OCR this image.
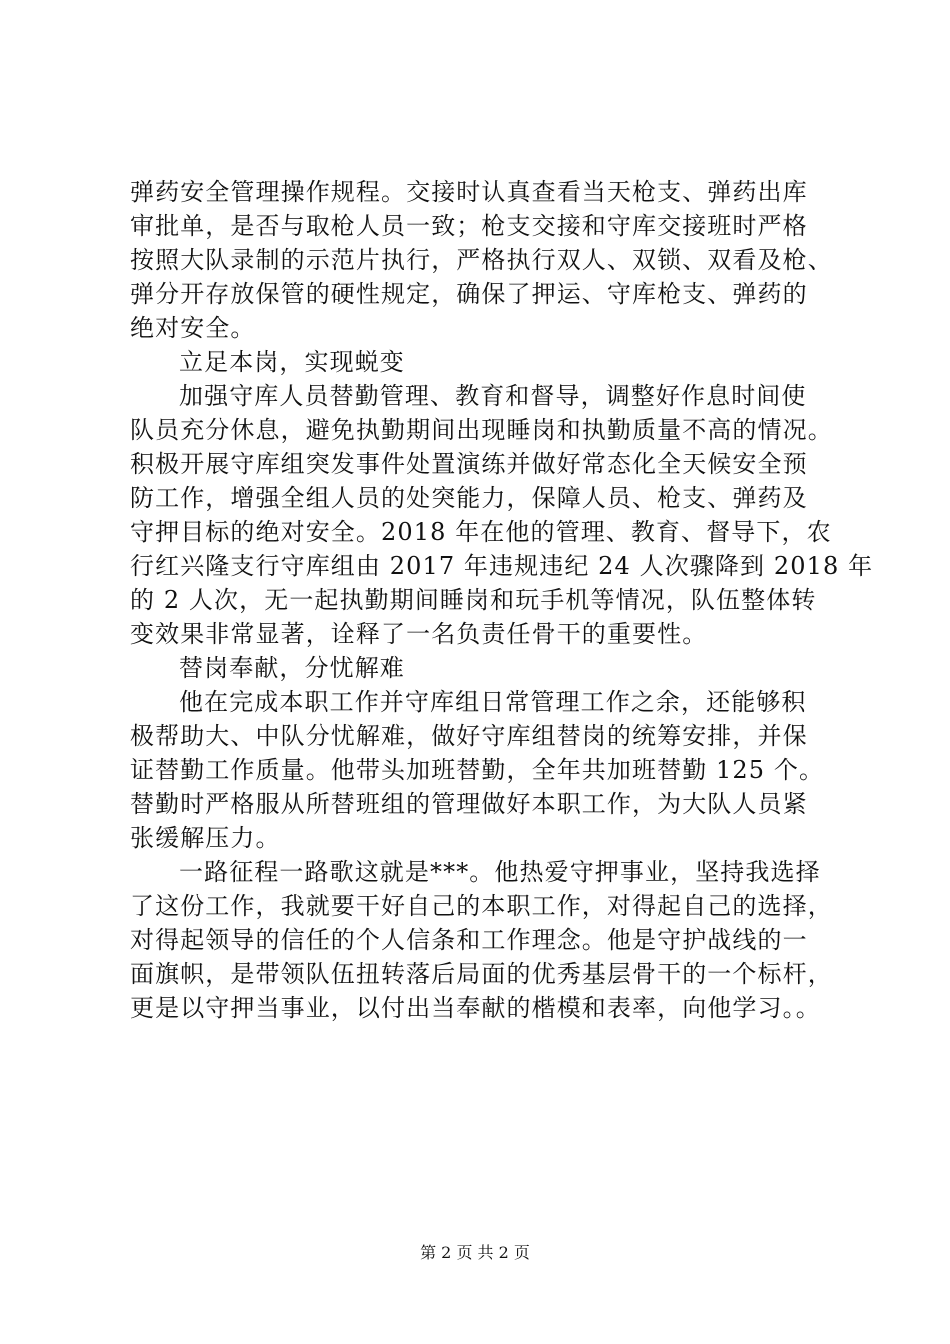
弹药安全管理操作规程。交接时认真查看当天枪支、弹药出库
审批单，是否与取枪人员一致；枪支交接和守库交接班时严格
按照大队录制的示范片执行，严格执行双人、双锁、双看及枪、
弹分开存放保管的硬性规定，确保了押运、守库枪支、弹药的
绝对安全。
立足本岗，实现蜕变
加强守库人员替勤管理、教育和督导，调整好作息时间使
队员充分休息，避免执勤期间出现睡岗和执勤质量不高的情况。
积极开展守库组突发事件处置演练并做好常态化全天候安全预
防工作，增强全组人员的处突能力，保障人员、枪支、弹药及
守押目标的绝对安全。2018 年在他的管理、教育、督导下，农
行红兴隆支行守库组由 2017 年违规违纪 24 人次骤降到 2018 年
的 2 人次，无一起执勤期间睡岗和玩手机等情况，队伍整体转
变效果非常显著，诠释了一名负责任骨干的重要性。
替岗奉献，分忧解难
他在完成本职工作并守库组日常管理工作之余，还能够积
极帮助大、中队分忧解难，做好守库组替岗的统筹安排，并保
证替勤工作质量。他带头加班替勤，全年共加班替勤 125 个。
替勤时严格服从所替班组的管理做好本职工作，为大队人员紧
张缓解压力。
一路征程一路歌这就是***。他热爱守押事业，坚持我选择
了这份工作，我就要干好自己的本职工作，对得起自己的选择，
对得起领导的信任的个人信条和工作理念。他是守护战线的一
面旗帜，是带领队伍扭转落后局面的优秀基层骨干的一个标杆，
更是以守押当事业，以付出当奉献的楷模和表率，向他学习。。
第 2 页 共 2 页
